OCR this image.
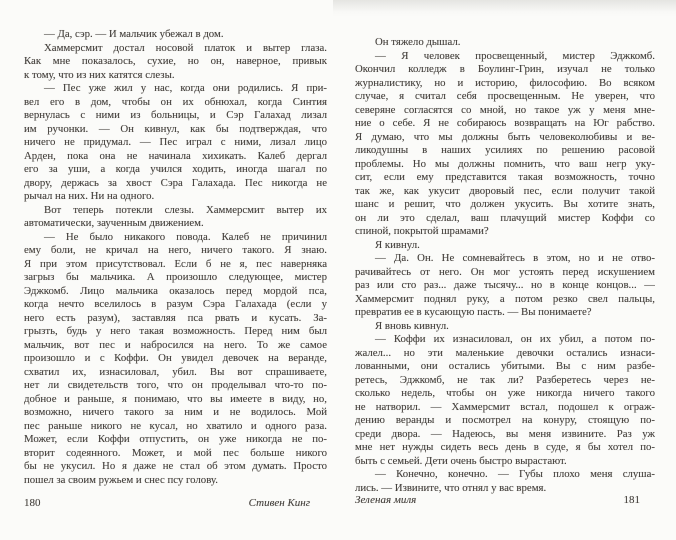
— Да, сэр. — И мальчик убежал в дом.
Хаммерсмит достал носовой платок и вытер глаза.
Как мне показалось, сухие, но он, наверное, привык
к тому, что из них катятся слезы.
— Пес уже жил у нас, когда они родились. Я при-
вел его в дом, чтобы он их обнюхал, когда Синтия
вернулась с ними из больницы, и Сэр Галахад лизал
им ручонки. — Он кивнул, как бы подтверждая, что
ничего не придумал. — Пес играл с ними, лизал лицо
Арден, пока она не начинала хихикать. Калеб дергал
его за уши, а когда учился ходить, иногда шагал по
двору, держась за хвост Сэра Галахада. Пес никогда не
рычал на них. Ни на одного.
Вот теперь потекли слезы. Хаммерсмит вытер их
автоматически, заученным движением.
— Не было никакого повода. Калеб не причинил
ему боли, не кричал на него, ничего такого. Я знаю.
Я при этом присутствовал. Если б не я, пес наверняка
загрыз бы мальчика. А произошло следующее, мистер
Эджкомб. Лицо мальчика оказалось перед мордой пса,
когда нечто вселилось в разум Сэра Галахада (если у
него есть разум), заставляя пса рвать и кусать. За-
грызть, будь у него такая возможность. Перед ним был
мальчик, вот пес и набросился на него. То же самое
произошло и с Коффи. Он увидел девочек на веранде,
схватил их, изнасиловал, убил. Вы вот спрашиваете,
нет ли свидетельств того, что он проделывал что-то по-
добное и раньше, я понимаю, что вы имеете в виду, но,
возможно, ничего такого за ним и не водилось. Мой
пес раньше никого не кусал, но хватило и одного раза.
Может, если Коффи отпустить, он уже никогда не по-
вторит содеянного. Может, и мой пес больше никого
бы не укусил. Но я даже не стал об этом думать. Просто
пошел за своим ружьем и снес псу голову.
Он тяжело дышал.
— Я человек просвещенный, мистер Эджкомб.
Окончил колледж в Боулинг-Грин, изучал не только
журналистику, но и историю, философию. Во всяком
случае, я считал себя просвещенным. Не уверен, что
северяне согласятся со мной, но такое уж у меня мне-
ние о себе. Я не собираюсь возвращать на Юг рабство.
Я думаю, что мы должны быть человеколюбивы и ве-
ликодушны в наших усилиях по решению расовой
проблемы. Но мы должны помнить, что ваш негр уку-
сит, если ему представится такая возможность, точно
так же, как укусит дворовый пес, если получит такой
шанс и решит, что должен укусить. Вы хотите знать,
он ли это сделал, ваш плачущий мистер Коффи со
спиной, покрытой шрамами?
Я кивнул.
— Да. Он. Не сомневайтесь в этом, но и не отво-
рачивайтесь от него. Он мог устоять перед искушением
раз или сто раз... даже тысячу... но в конце концов... —
Хаммерсмит поднял руку, а потом резко свел пальцы,
превратив ее в кусающую пасть. — Вы понимаете?
Я вновь кивнул.
— Коффи их изнасиловал, он их убил, а потом по-
жалел... но эти маленькие девочки остались изнаси-
лованными, они остались убитыми. Вы с ним разбе-
ретесь, Эджкомб, не так ли? Разберетесь через не-
сколько недель, чтобы он уже никогда ничего такого
не натворил. — Хаммерсмит встал, подошел к ограж-
дению веранды и посмотрел на конуру, стоящую по-
среди двора. — Надеюсь, вы меня извините. Раз уж
мне нет нужды сидеть весь день в суде, я бы хотел по-
быть с семьей. Дети очень быстро вырастают.
— Конечно, конечно. — Губы плохо меня слуша-
лись. — Извините, что отнял у вас время.
180	Стивен Кинг	Зеленая миля	181
